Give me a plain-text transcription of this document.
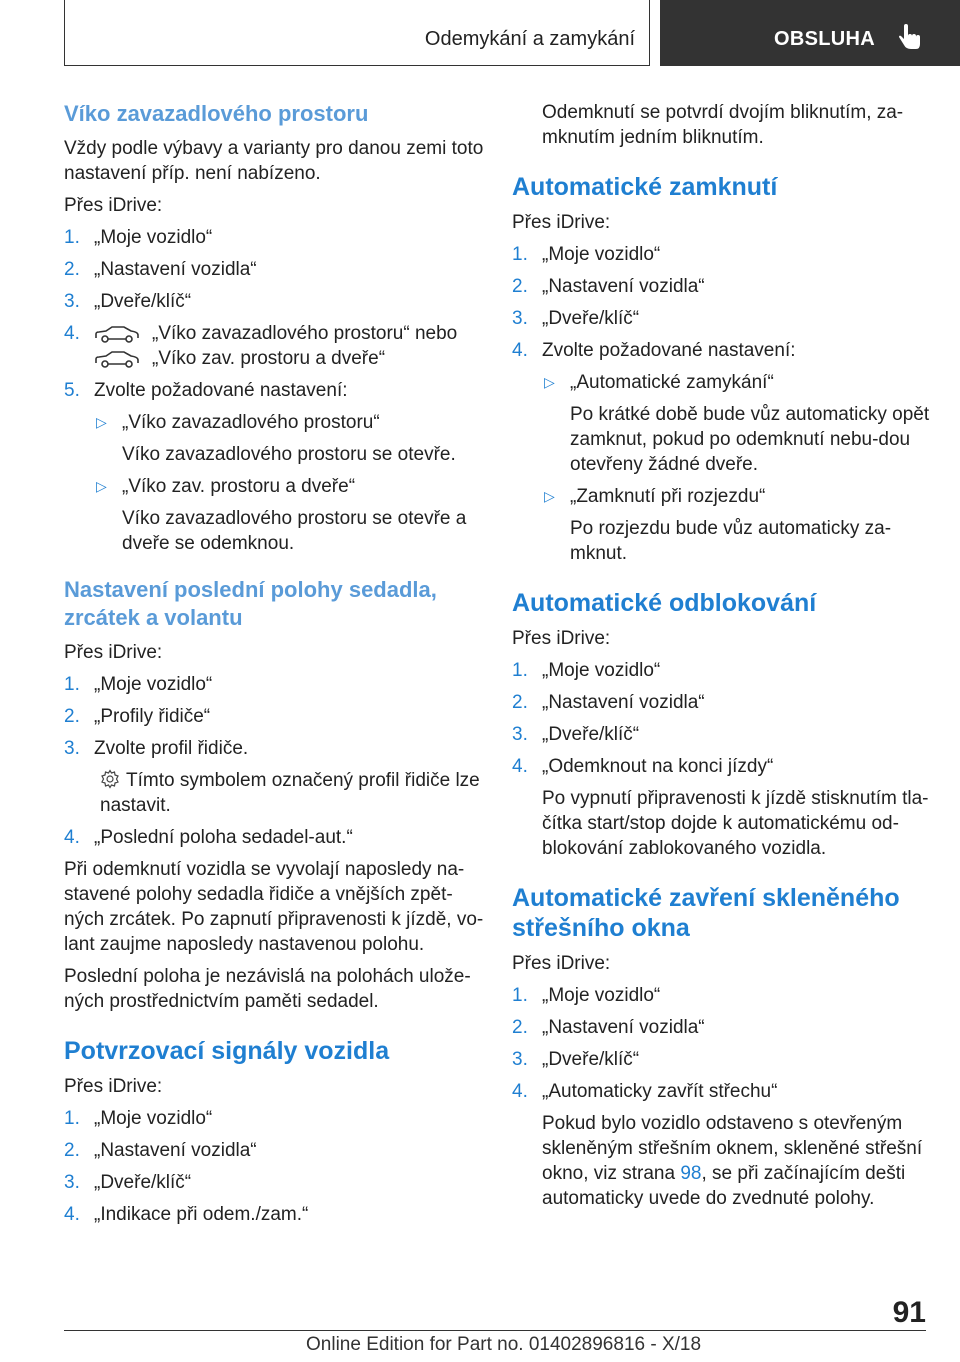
Odemykání a zamykání	OBSLUHA
Víko zavazadlového prostoru

Vždy podle výbavy a varianty pro danou zemi toto nastavení příp. není nabízeno.

Přes iDrive:

1. „Moje vozidlo“
2. „Nastavení vozidla“
3. „Dveře/klíč“
4.	„Víko zavazadlového prostoru“ nebo
„Víko zav. prostoru a dveře“
5. Zvolte požadované nastavení:
▷ „Víko zavazadlového prostoru“
Víko zavazadlového prostoru se otevře.
▷ „Víko zav. prostoru a dveře“
Víko zavazadlového prostoru se otevře a dveře se odemknou.
Nastavení poslední polohy sedadla, zrcátek a volantu

Přes iDrive:

1. „Moje vozidlo“
2. „Profily řidiče“
3. Zvolte profil řidiče.

Tímto symbolem označený profil řidiče lze nastavit.

4. „Poslední poloha sedadel-aut.“

Při odemknutí vozidla se vyvolají naposledy na-stavené polohy sedadla řidiče a vnějších zpět-ných zrcátek. Po zapnutí připravenosti k jízdě, vo-lant zaujme naposledy nastavenou polohu.

Poslední poloha je nezávislá na polohách ulože-ných prostřednictvím paměti sedadel.

Potvrzovací signály vozidla

Přes iDrive:

1. „Moje vozidlo“
2. „Nastavení vozidla“
3. „Dveře/klíč“
4. „Indikace při odem./zam.“

Odemknutí se potvrdí dvojím bliknutím, za-mknutím jedním bliknutím.

Automatické zamknutí

Přes iDrive:

1. „Moje vozidlo“
2. „Nastavení vozidla“
3. „Dveře/klíč“
4. Zvolte požadované nastavení:
▷ „Automatické zamykání“
Po krátké době bude vůz automaticky opět zamknut, pokud po odemknutí nebu-dou otevřeny žádné dveře.
▷ „Zamknutí při rozjezdu“
Po rozjezdu bude vůz automaticky za-mknut.
Automatické odblokování

Přes iDrive:

1. „Moje vozidlo“
2. „Nastavení vozidla“
3. „Dveře/klíč“
4. „Odemknout na konci jízdy“

Po vypnutí připravenosti k jízdě stisknutím tla-čítka start/stop dojde k automatickému od-blokování zablokovaného vozidla.

Automatické zavření skleněného střešního okna

Přes iDrive:

1. „Moje vozidlo“
2. „Nastavení vozidla“
3. „Dveře/klíč“
4. „Automaticky zavřít střechu“

Pokud bylo vozidlo odstaveno s otevřeným skleněným střešním oknem, skleněné střešní okno, viz strana 98, se při začínajícím dešti automaticky uvede do zvednuté polohy.

91
Online Edition for Part no. 01402896816 - X/18
